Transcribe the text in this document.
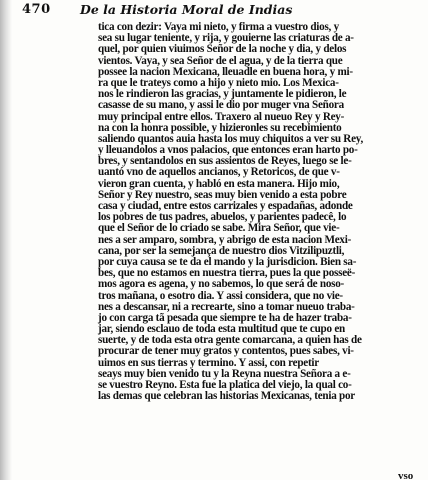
470 De la Historia Moral de Indias
tica con dezir: Vaya mi nieto, y firma a vuestro dios, y
sea su lugar teniente, y rija, y gouierne las criaturas de a-
quel, por quien viuimos Señor de la noche y dia, y delos
vientos. Vaya, y sea Señor de el agua, y de la tierra que
possee la nacion Mexicana, lleuadle en buena hora, y mi-
ra que le trateys como a hijo y nieto mio. Los Mexica-
nos le rindieron las gracias, y juntamente le pidieron, le
casasse de su mano, y assi le dio por muger vna Señora
muy principal entre ellos. Traxero al nueuo Rey y Rey-
na con la honra possible, y hizieronles su recebimiento
saliendo quantos auia hasta los muy chiquitos a ver su Rey,
y lleuandolos a vnos palacios, que entonces eran harto po-
bres, y sentandolos en sus assientos de Reyes, luego se le-
uantó vno de aquellos ancianos, y Retoricos, de que v-
vieron gran cuenta, y habló en esta manera. Hijo mio,
Señor y Rey nuestro, seas muy bien venido a esta pobre
casa y ciudad, entre estos carrizales y espadañas, adonde
los pobres de tus padres, abuelos, y parientes padecê, lo
que el Señor de lo criado se sabe. Mira Señor, que vie-
nes a ser amparo, sombra, y abrigo de esta nacion Mexi-
cana, por ser la semejança de nuestro dios Vitzilipuztli,
por cuya causa se te da el mando y la jurisdicion. Bien sa-
bes, que no estamos en nuestra tierra, pues la que posseë-
mos agora es agena, y no sabemos, lo que será de noso-
tros mañana, o esotro dia. Y assi considera, que no vie-
nes a descansar, ni a recrearte, sino a tomar nueuo traba-
jo con carga tã pesada que siempre te ha de hazer traba-
jar, siendo esclauo de toda esta multitud que te cupo en
suerte, y de toda esta otra gente comarcana, a quien has de
procurar de tener muy gratos y contentos, pues sabes, vi-
uimos en sus tierras y termino. Y assi, con repetir
seays muy bien venido tu y la Reyna nuestra Señora a e-
se vuestro Reyno. Esta fue la platica del viejo, la qual co-
las demas que celebran las historias Mexicanas, tenia por
vso
